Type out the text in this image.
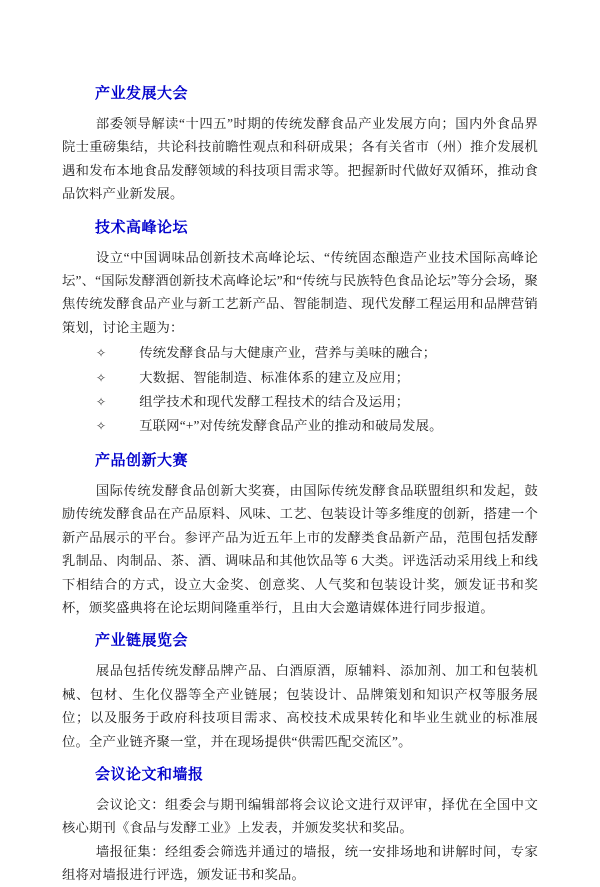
产业发展大会

部委领导解读“十四五”时期的传统发酵食品产业发展方向；国内外食品界院士重磅集结，共论科技前瞻性观点和科研成果；各有关省市（州）推介发展机遇和发布本地食品发酵领域的科技项目需求等。把握新时代做好双循环，推动食品饮料产业新发展。

技术高峰论坛

设立“中国调味品创新技术高峰论坛、“传统固态酿造产业技术国际高峰论坛”、“国际发酵酒创新技术高峰论坛”和“传统与民族特色食品论坛”等分会场，聚焦传统发酵食品产业与新工艺新产品、智能制造、现代发酵工程运用和品牌营销策划，讨论主题为：

✧ 传统发酵食品与大健康产业，营养与美味的融合；
✧ 大数据、智能制造、标准体系的建立及应用；
✧ 组学技术和现代发酵工程技术的结合及运用；
✧ 互联网“+”对传统发酵食品产业的推动和破局发展。
产品创新大赛

国际传统发酵食品创新大奖赛，由国际传统发酵食品联盟组织和发起，鼓励传统发酵食品在产品原料、风味、工艺、包装设计等多维度的创新，搭建一个新产品展示的平台。参评产品为近五年上市的发酵类食品新产品，范围包括发酵乳制品、肉制品、茶、酒、调味品和其他饮品等 6 大类。评选活动采用线上和线下相结合的方式，设立大金奖、创意奖、人气奖和包装设计奖，颁发证书和奖杯，颁奖盛典将在论坛期间隆重举行，且由大会邀请媒体进行同步报道。

产业链展览会

展品包括传统发酵品牌产品、白酒原酒，原辅料、添加剂、加工和包装机械、包材、生化仪器等全产业链展；包装设计、品牌策划和知识产权等服务展位；以及服务于政府科技项目需求、高校技术成果转化和毕业生就业的标准展位。全产业链齐聚一堂，并在现场提供“供需匹配交流区”。

会议论文和墙报

会议论文：组委会与期刊编辑部将会议论文进行双评审，择优在全国中文核心期刊《食品与发酵工业》上发表，并颁发奖状和奖品。

墙报征集：经组委会筛选并通过的墙报，统一安排场地和讲解时间，专家组将对墙报进行评选，颁发证书和奖品。
